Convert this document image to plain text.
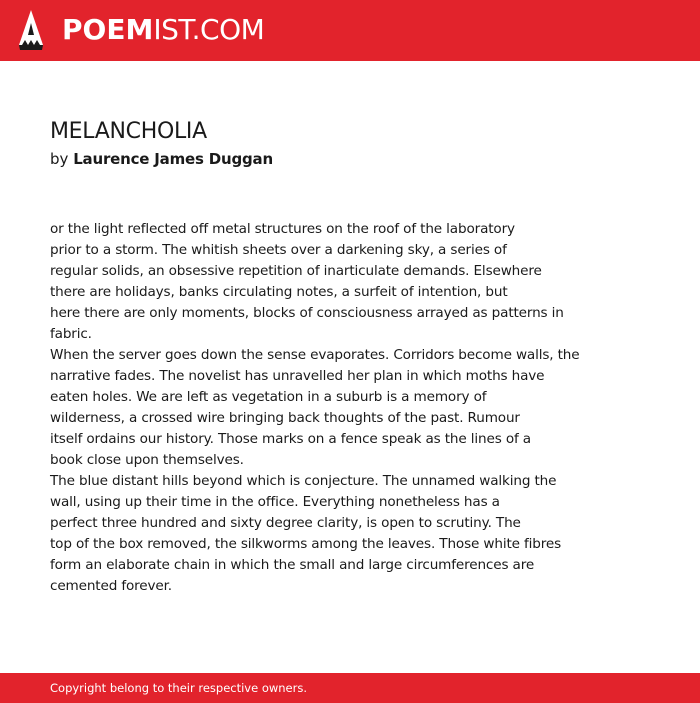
POEMIST.COM
MELANCHOLIA
by Laurence James Duggan
or the light reflected off metal structures on the roof of the laboratory
prior to a storm. The whitish sheets over a darkening sky, a series of
regular solids, an obsessive repetition of inarticulate demands. Elsewhere
there are holidays, banks circulating notes, a surfeit of intention, but
here there are only moments, blocks of consciousness arrayed as patterns in
fabric.
When the server goes down the sense evaporates. Corridors become walls, the
narrative fades. The novelist has unravelled her plan in which moths have
eaten holes. We are left as vegetation in a suburb is a memory of
wilderness, a crossed wire bringing back thoughts of the past. Rumour
itself ordains our history. Those marks on a fence speak as the lines of a
book close upon themselves.
The blue distant hills beyond which is conjecture. The unnamed walking the
wall, using up their time in the office. Everything nonetheless has a
perfect three hundred and sixty degree clarity, is open to scrutiny. The
top of the box removed, the silkworms among the leaves. Those white fibres
form an elaborate chain in which the small and large circumferences are
cemented forever.
Copyright belong to their respective owners.
